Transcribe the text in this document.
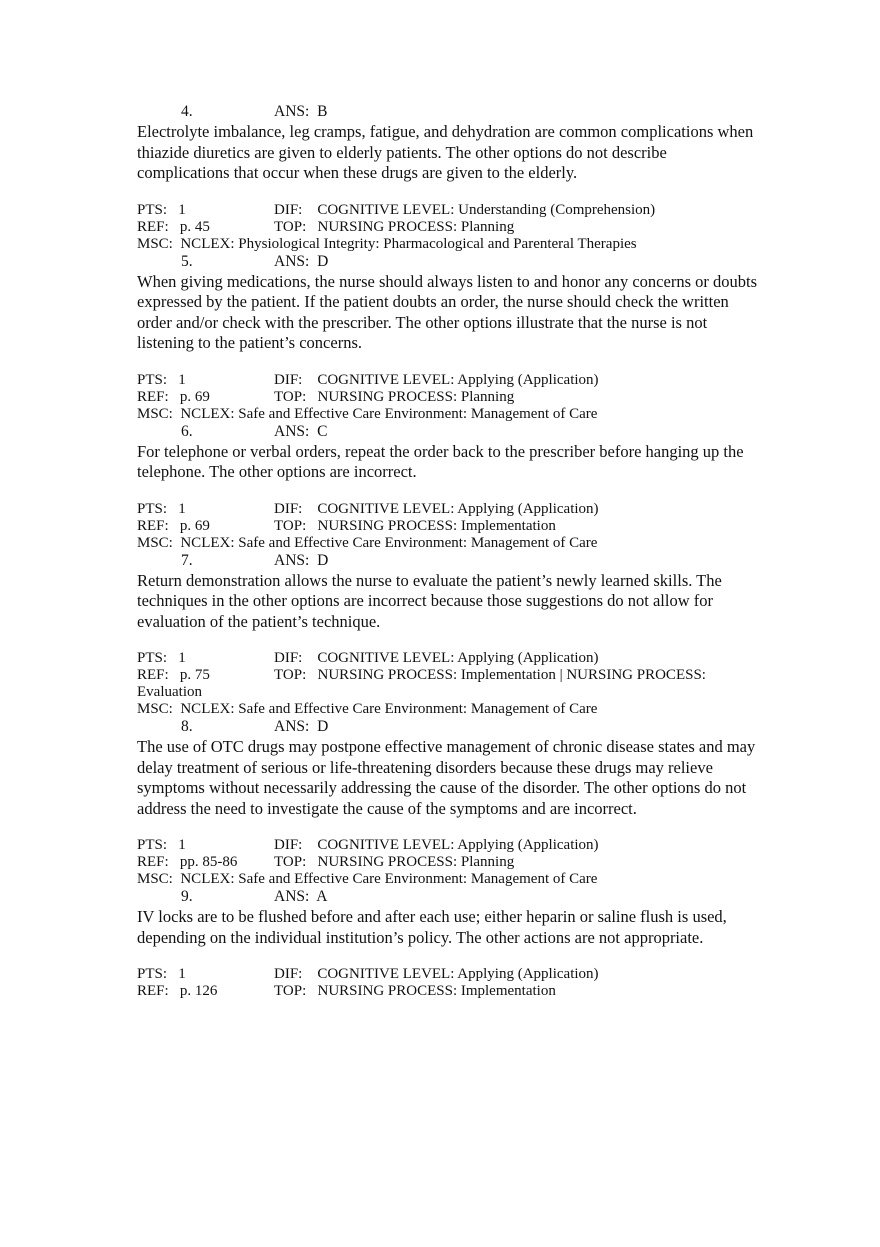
4.	ANS:  B

Electrolyte imbalance, leg cramps, fatigue, and dehydration are common complications when thiazide diuretics are given to elderly patients. The other options do not describe complications that occur when these drugs are given to the elderly.

PTS:   1	DIF:    COGNITIVE LEVEL: Understanding (Comprehension)
REF:   p. 45	TOP:   NURSING PROCESS: Planning
MSC:  NCLEX: Physiological Integrity: Pharmacological and Parenteral Therapies
5.	ANS:  D

When giving medications, the nurse should always listen to and honor any concerns or doubts expressed by the patient. If the patient doubts an order, the nurse should check the written order and/or check with the prescriber. The other options illustrate that the nurse is not listening to the patient’s concerns.

PTS:   1	DIF:    COGNITIVE LEVEL: Applying (Application)
REF:   p. 69	TOP:   NURSING PROCESS: Planning
MSC:  NCLEX: Safe and Effective Care Environment: Management of Care
6.	ANS:  C

For telephone or verbal orders, repeat the order back to the prescriber before hanging up the telephone. The other options are incorrect.

PTS:   1	DIF:    COGNITIVE LEVEL: Applying (Application)
REF:   p. 69	TOP:   NURSING PROCESS: Implementation
MSC:  NCLEX: Safe and Effective Care Environment: Management of Care
7.	ANS:  D

Return demonstration allows the nurse to evaluate the patient’s newly learned skills. The techniques in the other options are incorrect because those suggestions do not allow for evaluation of the patient’s technique.

PTS:   1	DIF:    COGNITIVE LEVEL: Applying (Application)
REF:   p. 75	TOP:   NURSING PROCESS: Implementation | NURSING PROCESS:
Evaluation
MSC:  NCLEX: Safe and Effective Care Environment: Management of Care
8.	ANS:  D

The use of OTC drugs may postpone effective management of chronic disease states and may delay treatment of serious or life-threatening disorders because these drugs may relieve symptoms without necessarily addressing the cause of the disorder. The other options do not address the need to investigate the cause of the symptoms and are incorrect.

PTS:   1	DIF:    COGNITIVE LEVEL: Applying (Application)
REF:   pp. 85-86	TOP:   NURSING PROCESS: Planning
MSC:  NCLEX: Safe and Effective Care Environment: Management of Care
9.	ANS:  A

IV locks are to be flushed before and after each use; either heparin or saline flush is used, depending on the individual institution’s policy. The other actions are not appropriate.

PTS:   1	DIF:    COGNITIVE LEVEL: Applying (Application)
REF:   p. 126	TOP:   NURSING PROCESS: Implementation
